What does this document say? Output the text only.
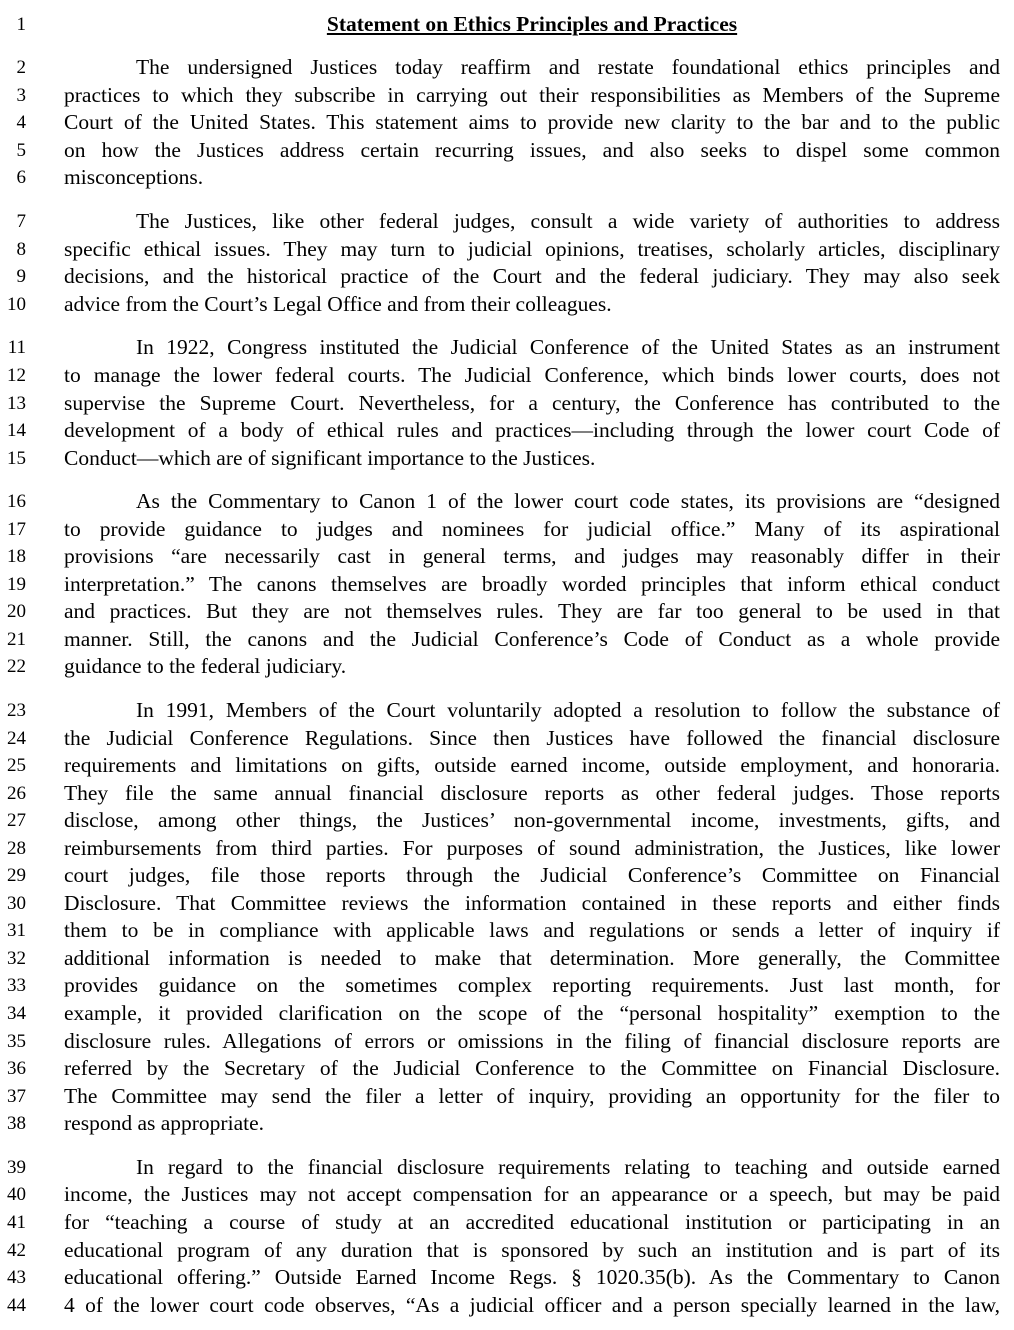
1	Statement on Ethics Principles and Practices
2	The undersigned Justices today reaffirm and restate foundational ethics principles and
3 practices to which they subscribe in carrying out their responsibilities as Members of the Supreme
4 Court of the United States. This statement aims to provide new clarity to the bar and to the public
5 on how the Justices address certain recurring issues, and also seeks to dispel some common
6 misconceptions.
7	The Justices, like other federal judges, consult a wide variety of authorities to address
8 specific ethical issues. They may turn to judicial opinions, treatises, scholarly articles, disciplinary
9 decisions, and the historical practice of the Court and the federal judiciary. They may also seek
10 advice from the Court’s Legal Office and from their colleagues.
11	In 1922, Congress instituted the Judicial Conference of the United States as an instrument
12 to manage the lower federal courts. The Judicial Conference, which binds lower courts, does not
13 supervise the Supreme Court. Nevertheless, for a century, the Conference has contributed to the
14 development of a body of ethical rules and practices—including through the lower court Code of
15 Conduct—which are of significant importance to the Justices.
16	As the Commentary to Canon 1 of the lower court code states, its provisions are “designed
17 to provide guidance to judges and nominees for judicial office.” Many of its aspirational
18 provisions “are necessarily cast in general terms, and judges may reasonably differ in their
19 interpretation.” The canons themselves are broadly worded principles that inform ethical conduct
20 and practices. But they are not themselves rules. They are far too general to be used in that
21 manner. Still, the canons and the Judicial Conference’s Code of Conduct as a whole provide
22 guidance to the federal judiciary.
23	In 1991, Members of the Court voluntarily adopted a resolution to follow the substance of
24 the Judicial Conference Regulations. Since then Justices have followed the financial disclosure
25 requirements and limitations on gifts, outside earned income, outside employment, and honoraria.
26 They file the same annual financial disclosure reports as other federal judges. Those reports
27 disclose, among other things, the Justices’ non-governmental income, investments, gifts, and
28 reimbursements from third parties. For purposes of sound administration, the Justices, like lower
29 court judges, file those reports through the Judicial Conference’s Committee on Financial
30 Disclosure. That Committee reviews the information contained in these reports and either finds
31 them to be in compliance with applicable laws and regulations or sends a letter of inquiry if
32 additional information is needed to make that determination. More generally, the Committee
33 provides guidance on the sometimes complex reporting requirements. Just last month, for
34 example, it provided clarification on the scope of the “personal hospitality” exemption to the
35 disclosure rules. Allegations of errors or omissions in the filing of financial disclosure reports are
36 referred by the Secretary of the Judicial Conference to the Committee on Financial Disclosure.
37 The Committee may send the filer a letter of inquiry, providing an opportunity for the filer to
38 respond as appropriate.
39	In regard to the financial disclosure requirements relating to teaching and outside earned
40 income, the Justices may not accept compensation for an appearance or a speech, but may be paid
41 for “teaching a course of study at an accredited educational institution or participating in an
42 educational program of any duration that is sponsored by such an institution and is part of its
43 educational offering.” Outside Earned Income Regs. § 1020.35(b). As the Commentary to Canon
44 4 of the lower court code observes, “As a judicial officer and a person specially learned in the law,
